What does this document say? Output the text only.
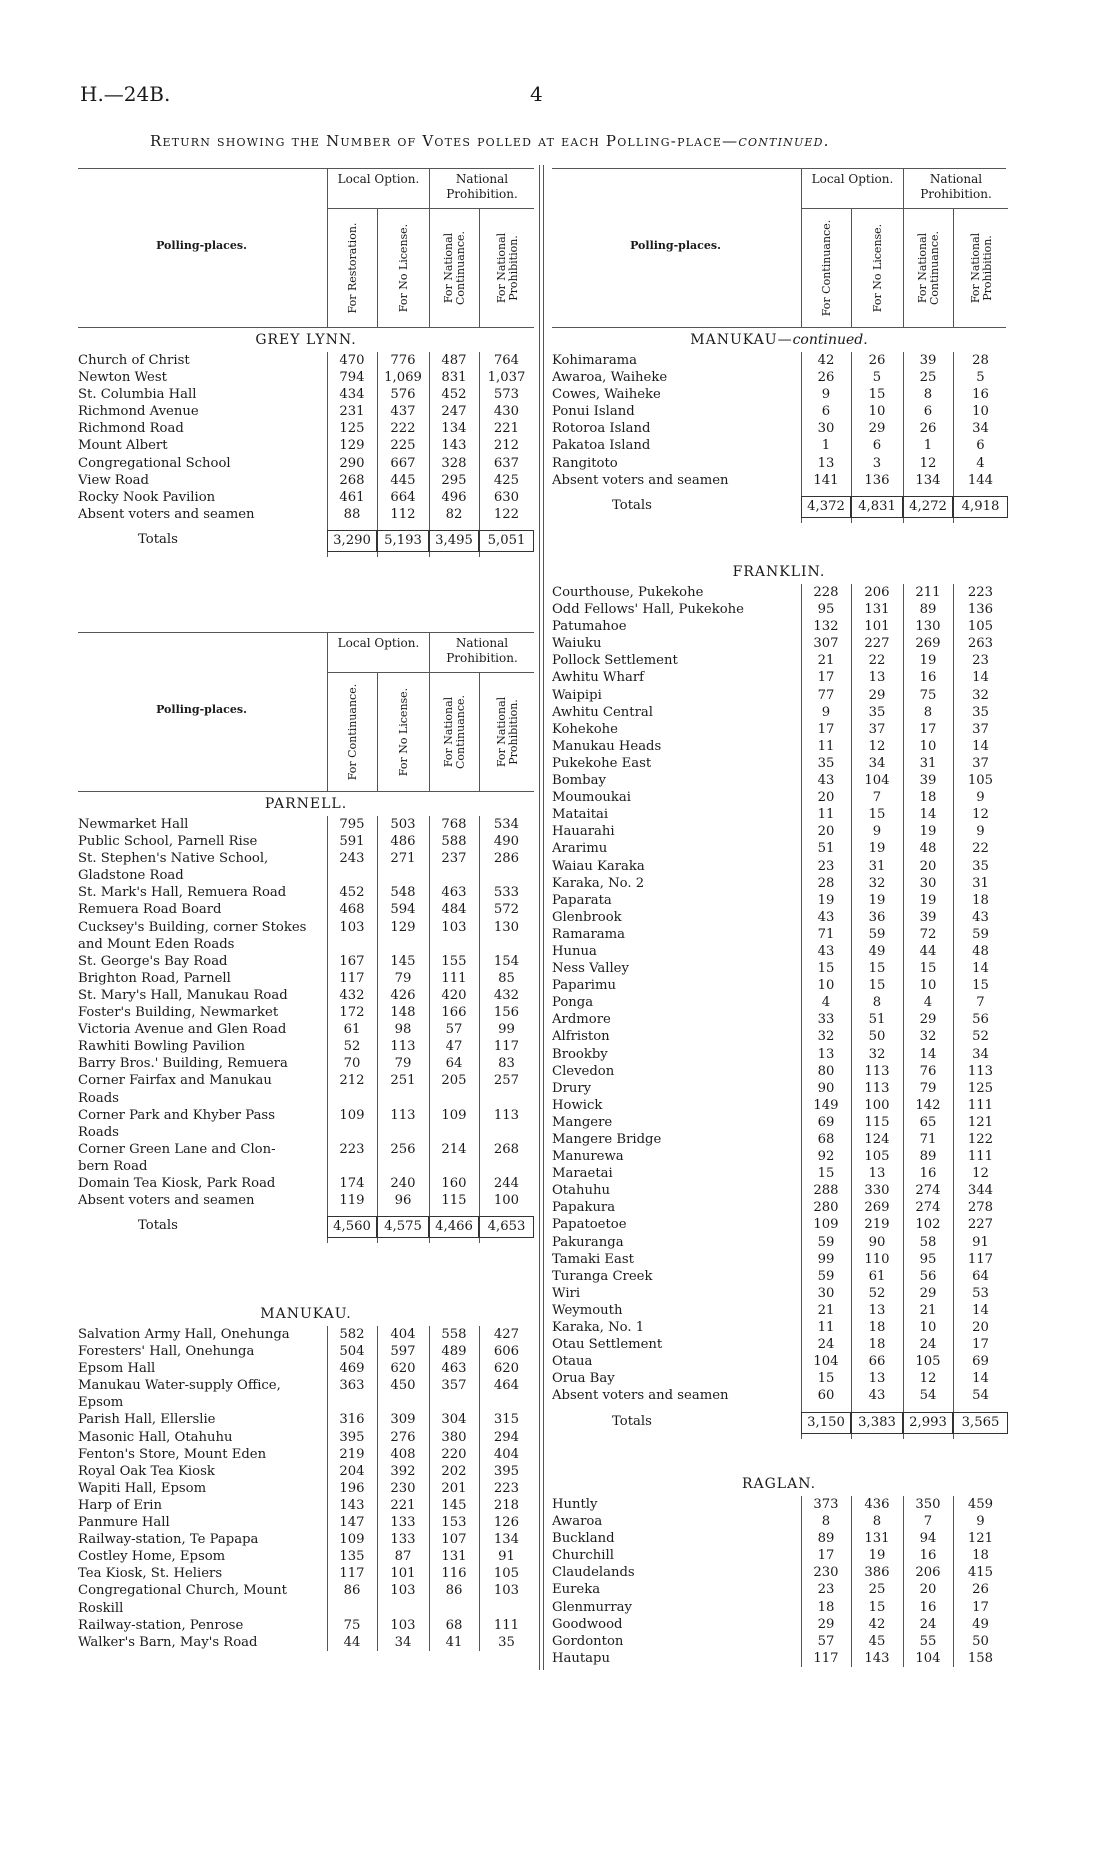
H.—24B.	4
Return showing the Number of Votes polled at each Polling-place—continued.
Polling-places.
Local Option.	National Prohibition.
For Restoration.	For No License.	For National Continuance.	For National Prohibition.
GREY LYNN.
Church of Christ	470	776	487	764
Newton West	794	1,069	831	1,037
St. Columbia Hall	434	576	452	573
Richmond Avenue	231	437	247	430
Richmond Road	125	222	134	221
Mount Albert	129	225	143	212
Congregational School	290	667	328	637
View Road	268	445	295	425
Rocky Nook Pavilion	461	664	496	630
Absent voters and seamen	88	112	82	122
Totals	3,290	5,193	3,495	5,051
Polling-places.
Local Option.	National Prohibition.
For Continuance.	For No License.	For National Continuance.	For National Prohibition.
PARNELL.
Newmarket Hall	795	503	768	534
Public School, Parnell Rise	591	486	588	490
St. Stephen's Native School,	243	271	237	286
Gladstone Road
St. Mark's Hall, Remuera Road	452	548	463	533
Remuera Road Board	468	594	484	572
Cucksey's Building, corner Stokes	103	129	103	130
and Mount Eden Roads
St. George's Bay Road	167	145	155	154
Brighton Road, Parnell	117	79	111	85
St. Mary's Hall, Manukau Road	432	426	420	432
Foster's Building, Newmarket	172	148	166	156
Victoria Avenue and Glen Road	61	98	57	99
Rawhiti Bowling Pavilion	52	113	47	117
Barry Bros.' Building, Remuera	70	79	64	83
Corner Fairfax and Manukau	212	251	205	257
Roads
Corner Park and Khyber Pass	109	113	109	113
Roads
Corner Green Lane and Clon-	223	256	214	268
bern Road
Domain Tea Kiosk, Park Road	174	240	160	244
Absent voters and seamen	119	96	115	100
Totals	4,560	4,575	4,466	4,653
MANUKAU.
Salvation Army Hall, Onehunga	582	404	558	427
Foresters' Hall, Onehunga	504	597	489	606
Epsom Hall	469	620	463	620
Manukau Water-supply Office,	363	450	357	464
Epsom
Parish Hall, Ellerslie	316	309	304	315
Masonic Hall, Otahuhu	395	276	380	294
Fenton's Store, Mount Eden	219	408	220	404
Royal Oak Tea Kiosk	204	392	202	395
Wapiti Hall, Epsom	196	230	201	223
Harp of Erin	143	221	145	218
Panmure Hall	147	133	153	126
Railway-station, Te Papapa	109	133	107	134
Costley Home, Epsom	135	87	131	91
Tea Kiosk, St. Heliers	117	101	116	105
Congregational Church, Mount	86	103	86	103
Roskill
Railway-station, Penrose	75	103	68	111
Walker's Barn, May's Road	44	34	41	35
Polling-places.
Local Option.	National Prohibition.
For Continuance.	For No License.	For National Continuance.	For National Prohibition.
MANUKAU—continued.
Kohimarama	42	26	39	28
Awaroa, Waiheke	26	5	25	5
Cowes, Waiheke	9	15	8	16
Ponui Island	6	10	6	10
Rotoroa Island	30	29	26	34
Pakatoa Island	1	6	1	6
Rangitoto	13	3	12	4
Absent voters and seamen	141	136	134	144
Totals	4,372	4,831	4,272	4,918
FRANKLIN.
Courthouse, Pukekohe	228	206	211	223
Odd Fellows' Hall, Pukekohe	95	131	89	136
Patumahoe	132	101	130	105
Waiuku	307	227	269	263
Pollock Settlement	21	22	19	23
Awhitu Wharf	17	13	16	14
Waipipi	77	29	75	32
Awhitu Central	9	35	8	35
Kohekohe	17	37	17	37
Manukau Heads	11	12	10	14
Pukekohe East	35	34	31	37
Bombay	43	104	39	105
Moumoukai	20	7	18	9
Mataitai	11	15	14	12
Hauarahi	20	9	19	9
Ararimu	51	19	48	22
Waiau Karaka	23	31	20	35
Karaka, No. 2	28	32	30	31
Paparata	19	19	19	18
Glenbrook	43	36	39	43
Ramarama	71	59	72	59
Hunua	43	49	44	48
Ness Valley	15	15	15	14
Paparimu	10	15	10	15
Ponga	4	8	4	7
Ardmore	33	51	29	56
Alfriston	32	50	32	52
Brookby	13	32	14	34
Clevedon	80	113	76	113
Drury	90	113	79	125
Howick	149	100	142	111
Mangere	69	115	65	121
Mangere Bridge	68	124	71	122
Manurewa	92	105	89	111
Maraetai	15	13	16	12
Otahuhu	288	330	274	344
Papakura	280	269	274	278
Papatoetoe	109	219	102	227
Pakuranga	59	90	58	91
Tamaki East	99	110	95	117
Turanga Creek	59	61	56	64
Wiri	30	52	29	53
Weymouth	21	13	21	14
Karaka, No. 1	11	18	10	20
Otau Settlement	24	18	24	17
Otaua	104	66	105	69
Orua Bay	15	13	12	14
Absent voters and seamen	60	43	54	54
Totals	3,150	3,383	2,993	3,565
RAGLAN.
Huntly	373	436	350	459
Awaroa	8	8	7	9
Buckland	89	131	94	121
Churchill	17	19	16	18
Claudelands	230	386	206	415
Eureka	23	25	20	26
Glenmurray	18	15	16	17
Goodwood	29	42	24	49
Gordonton	57	45	55	50
Hautapu	117	143	104	158
